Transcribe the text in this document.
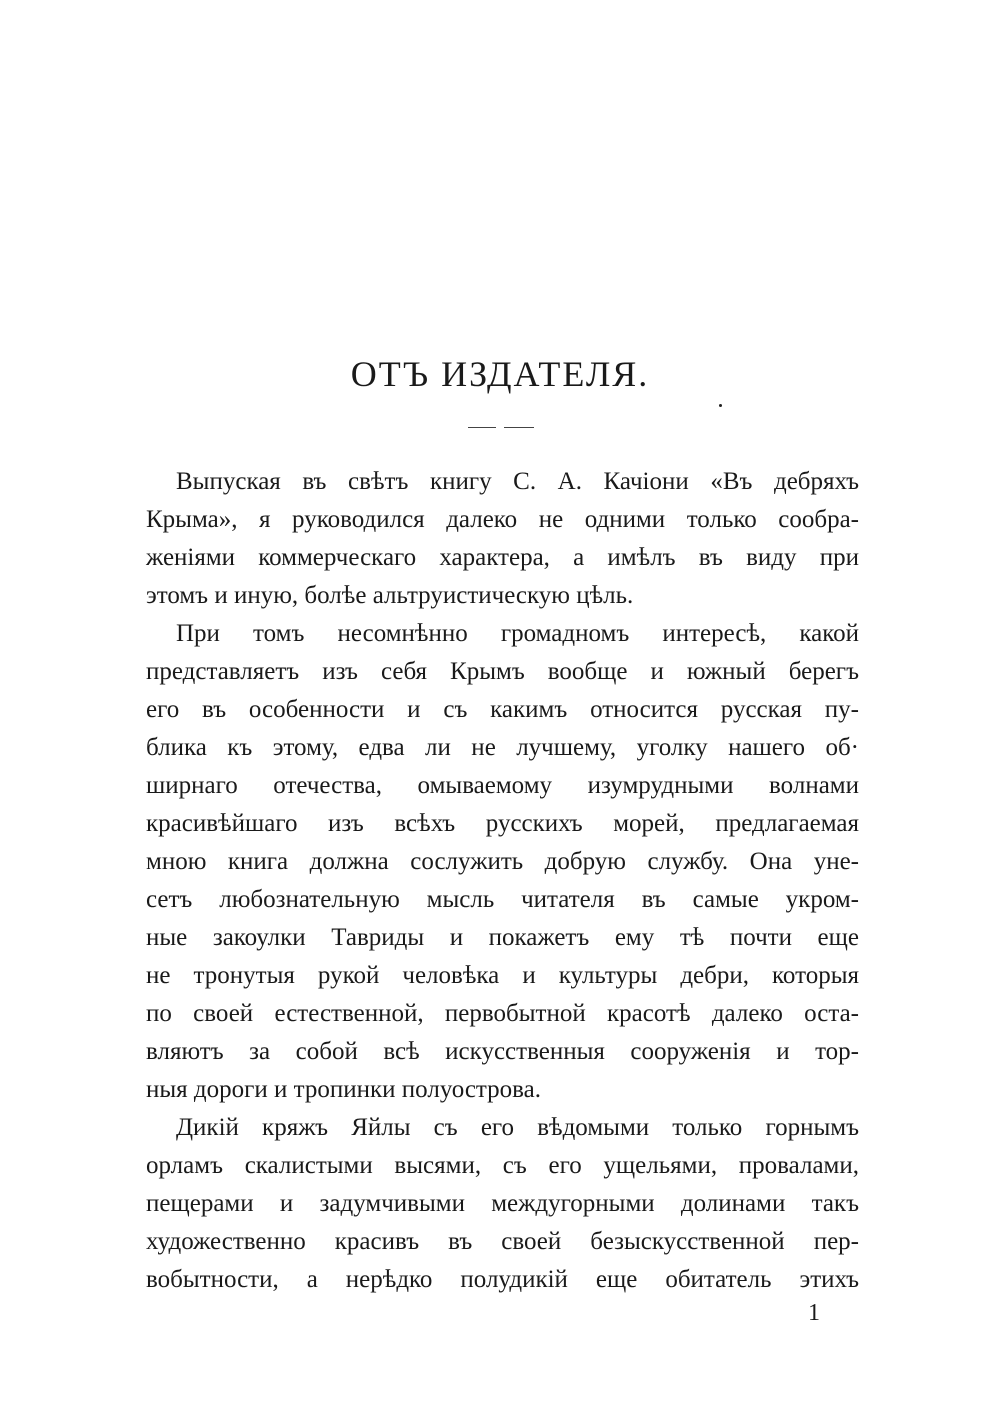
ОТЪ ИЗДАТЕЛЯ.
Выпуская въ свѣтъ книгу С. А. Качіони «Въ дебряхъ
Крыма», я руководился далеко не одними только сообра-
женіями коммерческаго характера, а имѣлъ въ виду при
этомъ и иную, болѣе альтруистическую цѣль.
При томъ несомнѣнно громадномъ интересѣ, какой
представляетъ изъ себя Крымъ вообще и южный берегъ
его въ особенности и съ какимъ относится русская пу-
блика къ этому, едва ли не лучшему, уголку нашего об·
ширнаго отечества, омываемому изумрудными волнами
красивѣйшаго изъ всѣхъ русскихъ морей, предлагаемая
мною книга должна сослужить добрую службу. Она уне-
сетъ любознательную мысль читателя въ самые укром-
ные закоулки Тавриды и покажетъ ему тѣ почти еще
не тронутыя рукой человѣка и культуры дебри, которыя
по своей естественной, первобытной красотѣ далеко оста-
вляютъ за собой всѣ искусственныя сооруженія и тор-
ныя дороги и тропинки полуострова.
Дикій кряжъ Яйлы съ его вѣдомыми только горнымъ
орламъ скалистыми высями, съ его ущельями, провалами,
пещерами и задумчивыми междугорными долинами такъ
художественно красивъ въ своей безыскусственной пер-
вобытности, а нерѣдко полудикій еще обитатель этихъ
1
